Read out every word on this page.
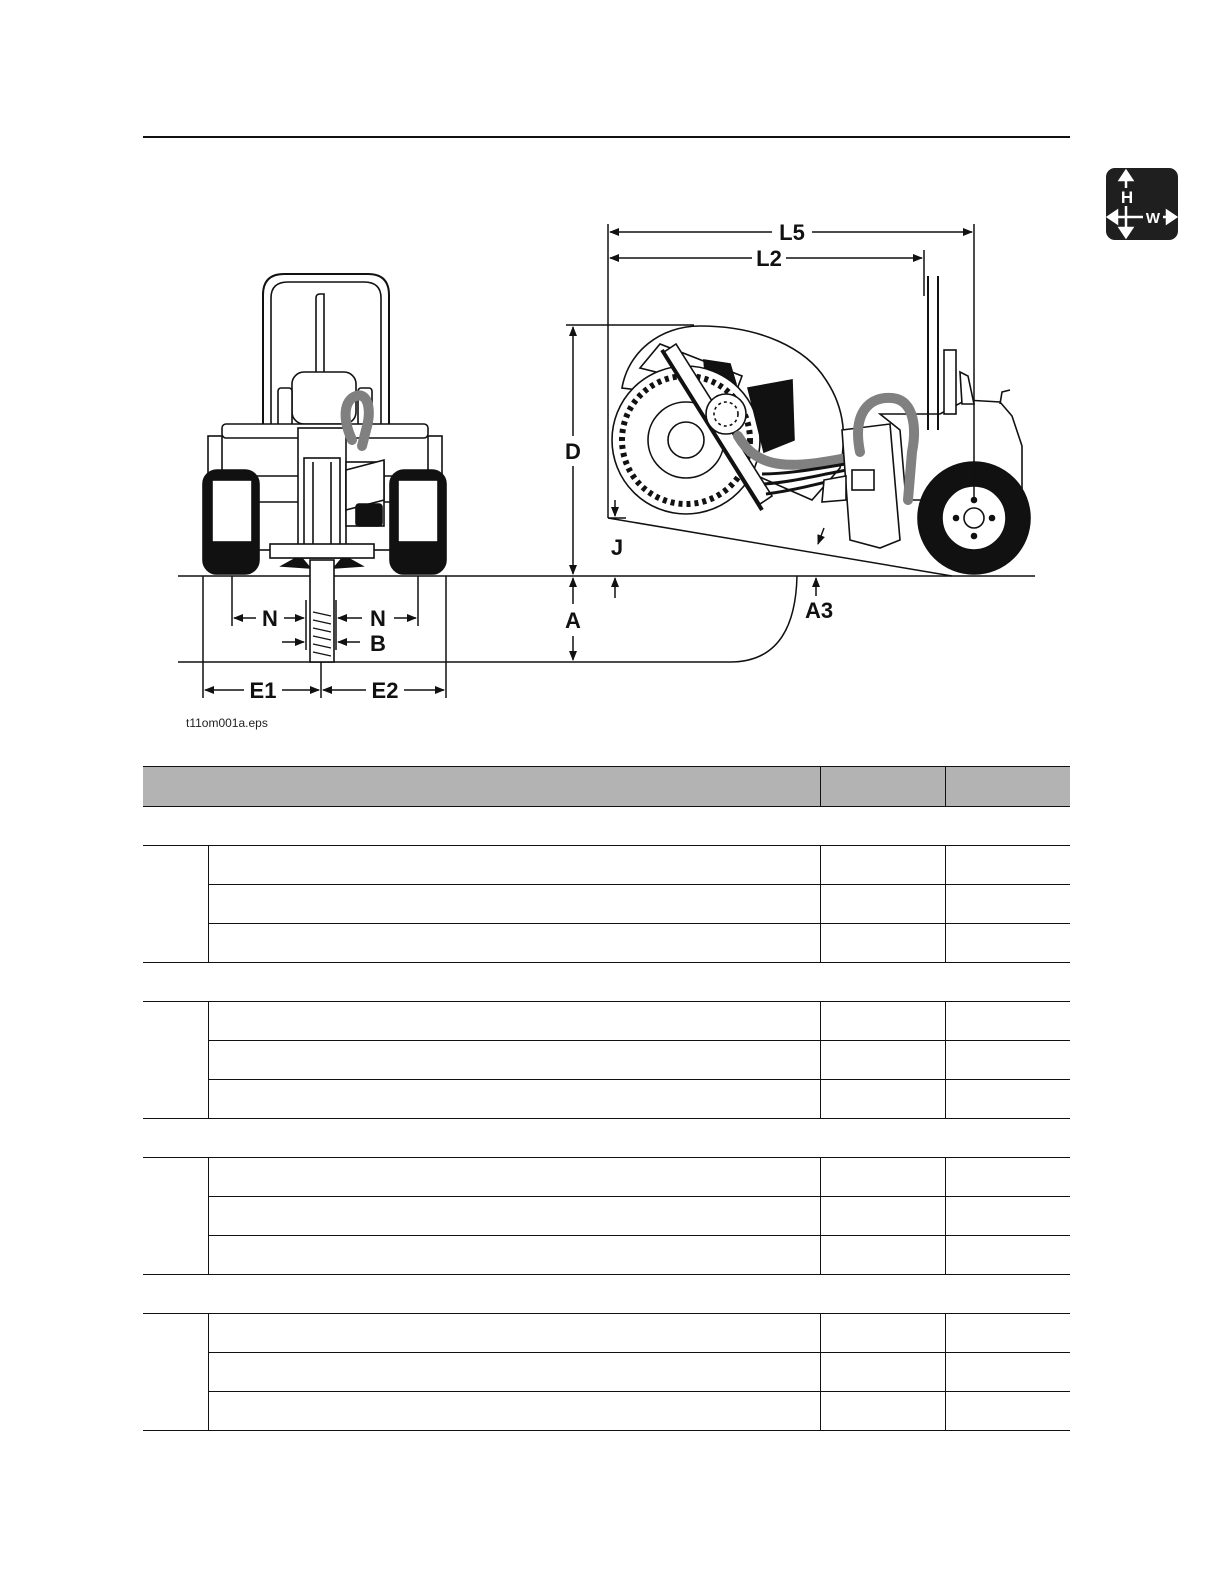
H
W
N	N
B
E1	E2
L5
L2
D
J
A	A3
t11om001a.eps
